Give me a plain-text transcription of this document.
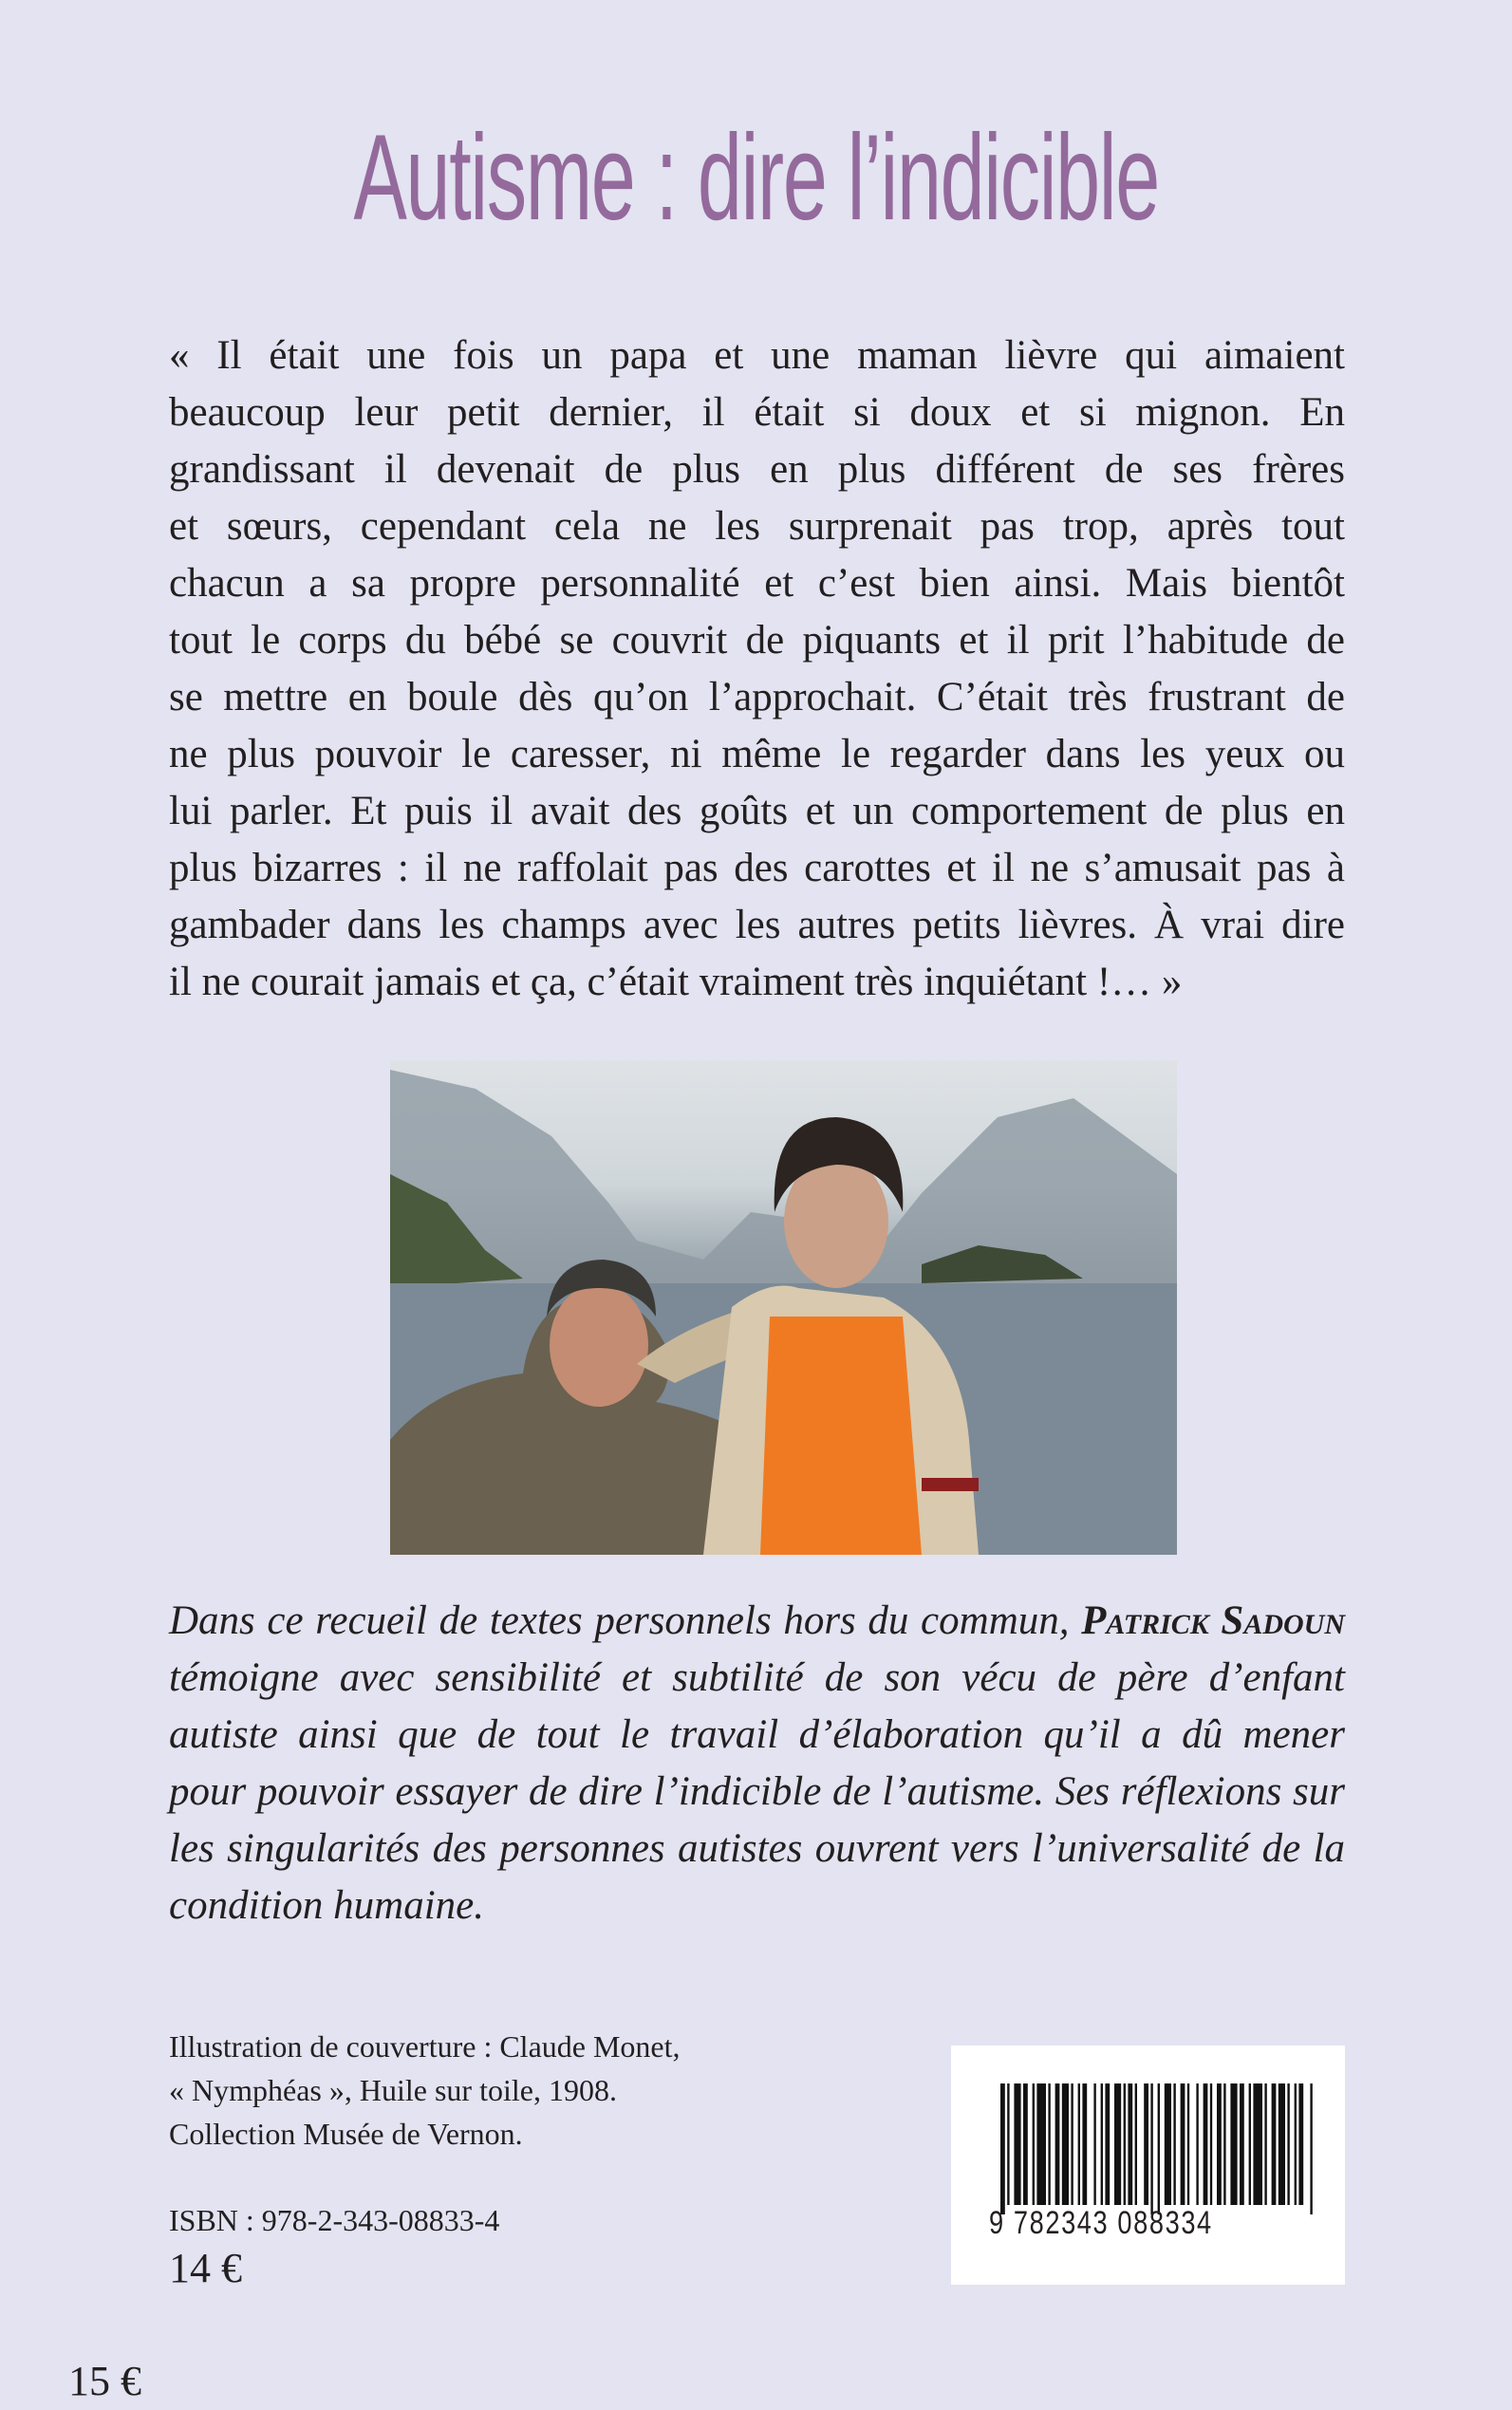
Autisme : dire l’indicible
« Il était une fois un papa et une maman lièvre qui aimaient
beaucoup leur petit dernier, il était si doux et si mignon. En
grandissant il devenait de plus en plus différent de ses frères
et sœurs, cependant cela ne les surprenait pas trop, après tout
chacun a sa propre personnalité et c’est bien ainsi. Mais bientôt
tout le corps du bébé se couvrit de piquants et il prit l’habitude de
se mettre en boule dès qu’on l’approchait. C’était très frustrant de
ne plus pouvoir le caresser, ni même le regarder dans les yeux ou
lui parler. Et puis il avait des goûts et un comportement de plus en
plus bizarres : il ne raffolait pas des carottes et il ne s’amusait pas à
gambader dans les champs avec les autres petits lièvres. À vrai dire
il ne courait jamais et ça, c’était vraiment très inquiétant !… »
Dans ce recueil de textes personnels hors du commun, Patrick Sadoun
témoigne avec sensibilité et subtilité de son vécu de père d’enfant
autiste ainsi que de tout le travail d’élaboration qu’il a dû mener
pour pouvoir essayer de dire l’indicible de l’autisme. Ses réflexions sur
les singularités des personnes autistes ouvrent vers l’universalité de la
condition humaine.
Illustration de couverture : Claude Monet,
« Nymphéas », Huile sur toile, 1908.
Collection Musée de Vernon.
ISBN : 978-2-343-08833-4
14 €
15 €
9 782343 088334
